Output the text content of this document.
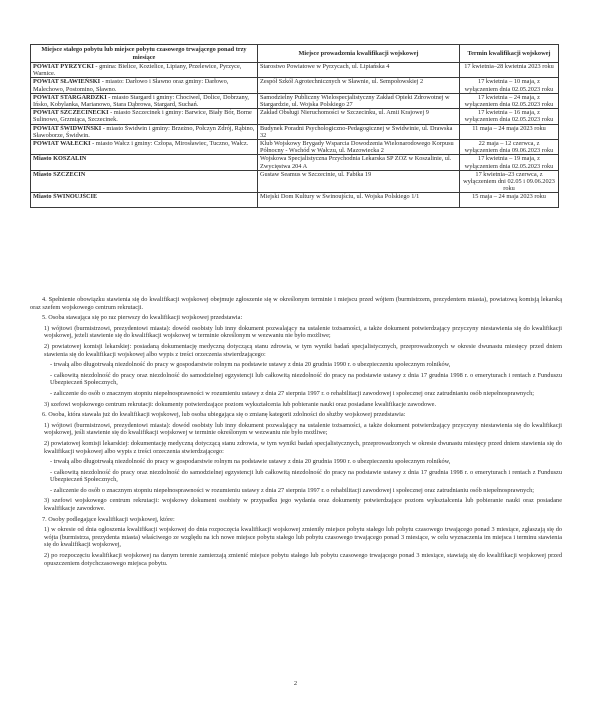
Miejsce stałego pobytu lub miejsce pobytu czasowego trwającego ponad trzy miesiące	Miejsce prowadzenia kwalifikacji wojskowej	Termin kwalifikacji wojskowej
POWIAT PYRZYCKI - gmina: Bielice, Kozielice, Lipiany, Przelewice, Pyrzyce, Warnice.	Starostwo Powiatowe w Pyrzycach, ul. Lipiańska 4	17 kwietnia–28 kwietnia 2023 roku
POWIAT SŁAWIEŃSKI - miasto: Darłowo i Sławno oraz gminy: Darłowo, Malechowo, Postomino, Sławno.	Zespół Szkół Agrotechnicznych w Sławnie, ul. Sempołowskiej 2	17 kwietnia – 10 maja, z wyłączeniem dnia 02.05.2023 roku
POWIAT STARGARDZKI - miasto Stargard i gminy: Chociwel, Dolice, Dobrzany, Ińsko, Kobylanka, Marianowo, Stara Dąbrowa, Stargard, Suchań.	Samodzielny Publiczny Wielospecjalistyczny Zakład Opieki Zdrowotnej w Stargardzie, ul. Wojska Polskiego 27	17 kwietnia – 24 maja, z wyłączeniem dnia 02.05.2023 roku
POWIAT SZCZECINECKI - miasto Szczecinek i gminy: Barwice, Biały Bór, Borne Sulinowo, Grzmiąca, Szczecinek.	Zakład Obsługi Nieruchomości w Szczecinku, ul. Amii Krajowej 9	17 kwietnia – 16 maja, z wyłączeniem dnia 02.05.2023 roku
POWIAT ŚWIDWIŃSKI - miasto Świdwin i gminy: Brzeżno, Połczyn Zdrój, Rąbino, Sławoborze, Świdwin.	Budynek Poradni Psychologiczno-Pedagogicznej w Świdwinie, ul. Drawska 32	11 maja – 24 maja 2023 roku
POWIAT WAŁECKI - miasto Wałcz i gminy: Człopa, Mirosławiec, Tuczno, Wałcz.	Klub Wojskowy Brygady Wsparcia Dowodzenia Wielonarodowego Korpusu Północny - Wschód w Wałczu, ul. Mazowiecka 2	22 maja – 12 czerwca, z wyłączeniem dnia 09.06.2023 roku
Miasto KOSZALIN	Wojskowa Specjalistyczna Przychodnia Lekarska SP ZOZ w Koszalinie, ul. Zwycięstwa 204 A	17 kwietnia – 19 maja, z wyłączeniem dnia 02.05.2023 roku
Miasto SZCZECIN	Gustaw Seamus w Szczecinie, ul. Fabika 19	17 kwietnia–23 czerwca, z wyłączeniem dni 02.05 i 09.06.2023 roku
Miasto ŚWINOUJŚCIE	Miejski Dom Kultury w Świnoujściu, ul. Wojska Polskiego 1/1	15 maja – 24 maja 2023 roku

4. Spełnienie obowiązku stawienia się do kwalifikacji wojskowej obejmuje zgłoszenie się w określonym terminie i miejscu przed wójtem (burmistrzem, prezydentem miasta), powiatową komisją lekarską oraz szefem wojskowego centrum rekrutacji.

5. Osoba stawająca się po raz pierwszy do kwalifikacji wojskowej przedstawia:

1) wójtowi (burmistrzowi, prezydentowi miasta): dowód osobisty lub inny dokument pozwalający na ustalenie tożsamości, a także dokument potwierdzający przyczyny niestawienia się do kwalifikacji wojskowej, jeżeli stawienie się do kwalifikacji wojskowej w terminie określonym w wezwaniu nie było możliwe;

2) powiatowej komisji lekarskiej: posiadaną dokumentację medyczną dotyczącą stanu zdrowia, w tym wyniki badań specjalistycznych, przeprowadzonych w okresie dwunastu miesięcy przed dniem stawienia się do kwalifikacji wojskowej albo wypis z treści orzeczenia stwierdzającego:

- trwałą albo długotrwałą niezdolność do pracy w gospodarstwie rolnym na podstawie ustawy z dnia 20 grudnia 1990 r. o ubezpieczeniu społecznym rolników,

- całkowitą niezdolność do pracy oraz niezdolność do samodzielnej egzystencji lub całkowitą niezdolność do pracy na podstawie ustawy z dnia 17 grudnia 1998 r. o emeryturach i rentach z Funduszu Ubezpieczeń Społecznych,

- zaliczenie do osób o znacznym stopniu niepełnosprawności w rozumieniu ustawy z dnia 27 sierpnia 1997 r. o rehabilitacji zawodowej i społecznej oraz zatrudnianiu osób niepełnosprawnych;

3) szefowi wojskowego centrum rekrutacji: dokumenty potwierdzające poziom wykształcenia lub pobieranie nauki oraz posiadane kwalifikacje zawodowe.

6. Osoba, która stawała już do kwalifikacji wojskowej, lub osoba ubiegająca się o zmianę kategorii zdolności do służby wojskowej przedstawia:

1) wójtowi (burmistrzowi, prezydentowi miasta): dowód osobisty lub inny dokument pozwalający na ustalenie tożsamości, a także dokument potwierdzający przyczyny niestawienia się do kwalifikacji wojskowej, jeśli stawienie się do kwalifikacji wojskowej w terminie określonym w wezwaniu nie było możliwe;

2) powiatowej komisji lekarskiej: dokumentację medyczną dotyczącą stanu zdrowia, w tym wyniki badań specjalistycznych, przeprowadzonych w okresie dwunastu miesięcy przed dniem stawienia się do kwalifikacji wojskowej albo wypis z treści orzeczenia stwierdzającego:

- trwałą albo długotrwałą niezdolność do pracy w gospodarstwie rolnym na podstawie ustawy z dnia 20 grudnia 1990 r. o ubezpieczeniu społecznym rolników,

- całkowitą niezdolność do pracy oraz niezdolność do samodzielnej egzystencji lub całkowitą niezdolność do pracy na podstawie ustawy z dnia 17 grudnia 1998 r. o emeryturach i rentach z Funduszu Ubezpieczeń Społecznych,

- zaliczenie do osób o znacznym stopniu niepełnosprawności w rozumieniu ustawy z dnia 27 sierpnia 1997 r. o rehabilitacji zawodowej i społecznej oraz zatrudnianiu osób niepełnosprawnych;

3) szefowi wojskowego centrum rekrutacji: wojskowy dokument osobisty w przypadku jego wydania oraz dokumenty potwierdzające poziom wykształcenia lub pobieranie nauki oraz posiadane kwalifikacje zawodowe.

7. Osoby podlegające kwalifikacji wojskowej, które:

1) w okresie od dnia ogłoszenia kwalifikacji wojskowej do dnia rozpoczęcia kwalifikacji wojskowej zmieniły miejsce pobytu stałego lub pobytu czasowego trwającego ponad 3 miesiące, zgłaszają się do wójta (burmistrza, prezydenta miasta) właściwego ze względu na ich nowe miejsce pobytu stałego lub pobytu czasowego trwającego ponad 3 miesiące, w celu wyznaczenia im miejsca i terminu stawienia się do kwalifikacji wojskowej,

2) po rozpoczęciu kwalifikacji wojskowej na danym terenie zamierzają zmienić miejsce pobytu stałego lub pobytu czasowego trwającego ponad 3 miesiące, stawiają się do kwalifikacji wojskowej przed opuszczeniem dotychczasowego miejsca pobytu.

2
